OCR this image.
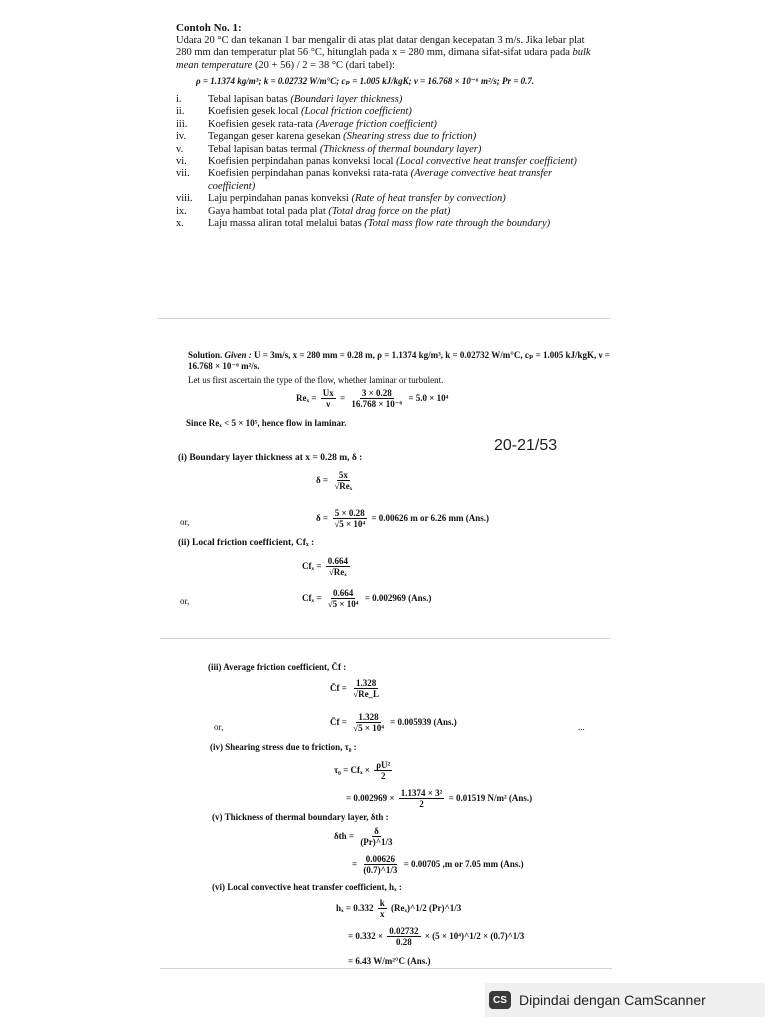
Contoh No. 1:
Udara 20 °C dan tekanan 1 bar mengalir di atas plat datar dengan kecepatan 3 m/s. Jika lebar plat 280 mm dan temperatur plat 56 °C, hitunglah pada x = 280 mm, dimana sifat-sifat udara pada bulk mean temperature (20 + 56) / 2 = 38 °C (dari tabel):
ρ = 1.1374 kg/m³; k = 0.02732 W/m°C; cₚ = 1.005 kJ/kgK; ν = 16.768 × 10⁻⁶ m²/s; Pr = 0.7.
i.	Tebal lapisan batas (Boundari layer thickness)
ii.	Koefisien gesek local (Local friction coefficient)
iii.	Koefisien gesek rata-rata (Average friction coefficient)
iv.	Tegangan geser karena gesekan (Shearing stress due to friction)
v.	Tebal lapisan batas termal (Thickness of thermal boundary layer)
vi.	Koefisien perpindahan panas konveksi local (Local convective heat transfer coefficient)
vii.	Koefisien perpindahan panas konveksi rata-rata (Average convective heat transfer coefficient)
viii.	Laju perpindahan panas konveksi (Rate of heat transfer by convection)
ix.	Gaya hambat total pada plat (Total drag force on the plat)
x.	Laju massa aliran total melalui batas (Total mass flow rate through the boundary)
Solution. Given : U = 3m/s, x = 280 mm = 0.28 m, ρ = 1.1374 kg/m³, k = 0.02732 W/m°C, cₚ = 1.005 kJ/kgK, ν = 16.768 × 10⁻⁶ m²/s.
Let us first ascertain the type of the flow, whether laminar or turbulent.
$Re_x = \frac{Ux}{\nu} = \frac{3 \times 0.28}{\text{16.768 × 10⁻⁶}} = 5.0 \times 10^4$
Since Reₓ < 5 × 10⁵, hence flow in laminar.
20-21/53
(i) Boundary layer thickness at x = 0.28 m, δ :
$\delta = \frac{5x}{\text{√Reₓ}}$
or,	$\delta = \frac{5 \times 0.28}{\text{√5 × 10⁴}} = 0.00626$ m or 6.26 mm (Ans.)
(ii) Local friction coefficient, Cfₓ :
$Cf_x = \frac{0.664}{\text{√Reₓ}}$
or,	$Cf_x = \frac{0.664}{\text{√5 × 10⁴}} = 0.002969$ (Ans.)
(iii) Average friction coefficient, C̄f :
C̄f = $\frac{1.328}{√Re\_L}$
or,	C̄f = $\frac{1.328}{\text{√5 × 10⁴}} = 0.005939$ (Ans.)	...
(iv) Shearing stress due to friction, τ₀ :
$\tau_0 = Cf_x \times \frac{\text{ρU²}}{2}$
= $0.002969 \times \frac{\text{1.1374 × 3²}}{2} = 0.01519$ N/m² (Ans.)
(v) Thickness of thermal boundary layer, δth :
$\delta th = \frac{\delta}{(Pr)\^{}1/3}$
= $\frac{0.00626}{(0.7)\^{}1/3} = 0.00705$ ,m or 7.05 mm (Ans.)
(vi) Local convective heat transfer coefficient, hₓ :
$h_x = 0.332 \frac{k}{x}$ (Reₓ)^1/2 (Pr)^1/3
= $0.332 \times \frac{0.02732}{0.28} \times (5$ × 10⁴)^1/2 × (0.7)^1/3
= 6.43 W/m²°C (Ans.)
CS Dipindai dengan CamScanner
